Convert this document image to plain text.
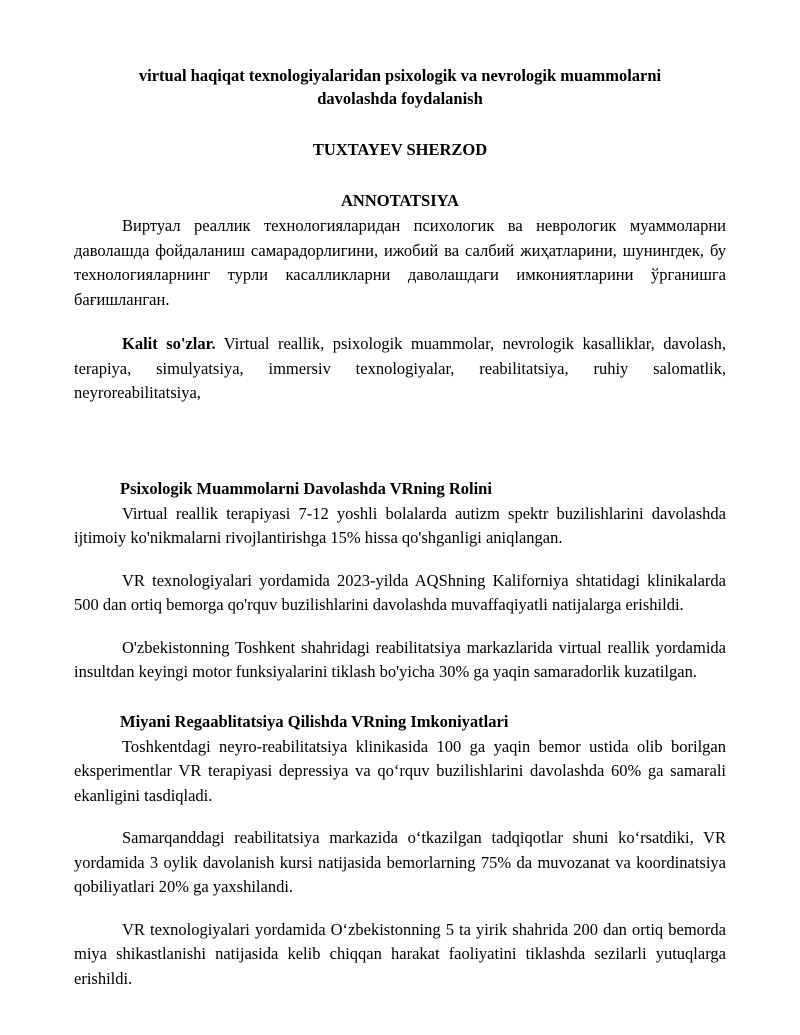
virtual haqiqat texnologiyalaridan psixologik va nevrologik muammolarni davolashda foydalanish
TUXTAYEV SHERZOD
ANNOTATSIYA

Виртуал реаллик технологияларидан психологик ва неврологик муаммоларни даволашда фойдаланиш самарадорлигини, ижобий ва салбий жиҳатларини, шунингдек, бу технологияларнинг турли касалликларни даволашдаги имкониятларини ўрганишга бағишланган.

Kalit so'zlar. Virtual reallik, psixologik muammolar, nevrologik kasalliklar, davolash, terapiya, simulyatsiya, immersiv texnologiyalar, reabilitatsiya, ruhiy salomatlik, neyroreabilitatsiya,

Psixologik Muammolarni Davolashda VRning Rolini

Virtual reallik terapiyasi 7-12 yoshli bolalarda autizm spektr buzilishlarini davolashda ijtimoiy ko'nikmalarni rivojlantirishga 15% hissa qo'shganligi aniqlangan.

VR texnologiyalari yordamida 2023-yilda AQShning Kaliforniya shtatidagi klinikalarda 500 dan ortiq bemorga qo'rquv buzilishlarini davolashda muvaffaqiyatli natijalarga erishildi.

O'zbekistonning Toshkent shahridagi reabilitatsiya markazlarida virtual reallik yordamida insultdan keyingi motor funksiyalarini tiklash bo'yicha 30% ga yaqin samaradorlik kuzatilgan.

Miyani Regaablitatsiya Qilishda VRning Imkoniyatlari

Toshkentdagi neyro-reabilitatsiya klinikasida 100 ga yaqin bemor ustida olib borilgan eksperimentlar VR terapiyasi depressiya va qo‘rquv buzilishlarini davolashda 60% ga samarali ekanligini tasdiqladi.

Samarqanddagi reabilitatsiya markazida o‘tkazilgan tadqiqotlar shuni ko‘rsatdiki, VR yordamida 3 oylik davolanish kursi natijasida bemorlarning 75% da muvozanat va koordinatsiya qobiliyatlari 20% ga yaxshilandi.

VR texnologiyalari yordamida O‘zbekistonning 5 ta yirik shahrida 200 dan ortiq bemorda miya shikastlanishi natijasida kelib chiqqan harakat faoliyatini tiklashda sezilarli yutuqlarga erishildi.
